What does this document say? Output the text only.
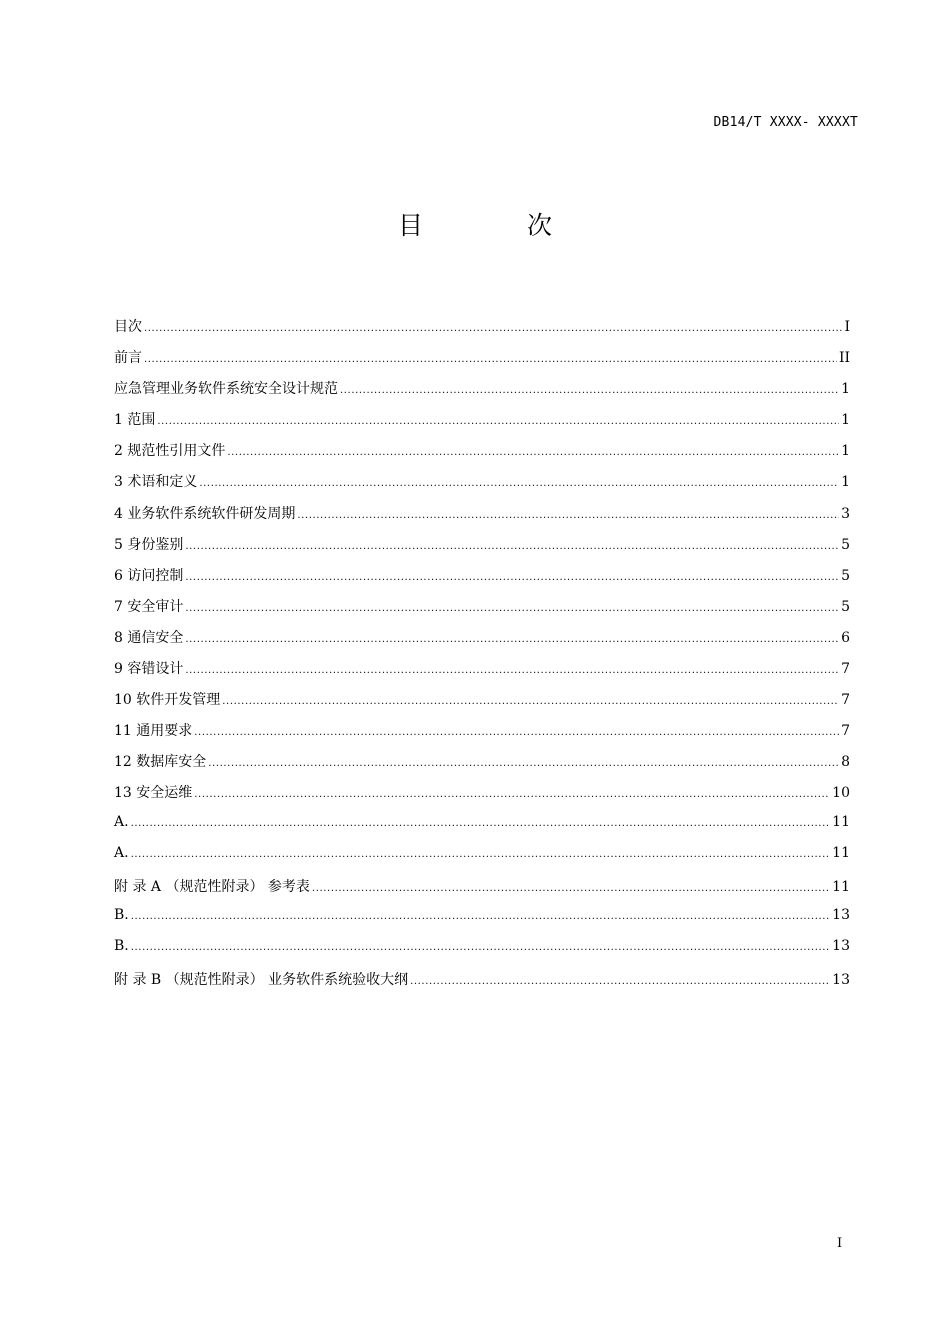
DB14/T XXXX- XXXXT
目 次
目次 .....	I
前言 .....	II
应急管理业务软件系统安全设计规范 .....	1
1 范围 .....	1
2 规范性引用文件 .....	1
3 术语和定义 .....	1
4 业务软件系统软件研发周期 .....	3
5 身份鉴别 .....	5
6 访问控制 .....	5
7 安全审计 .....	5
8 通信安全 .....	6
9 容错设计 .....	7
10 软件开发管理 .....	7
11 通用要求 .....	7
12 数据库安全 .....	8
13 安全运维 .....	10
A. .....	11
A. .....	11
附 录 A （规范性附录） 参考表 .....	11
B. .....	13
B. .....	13
附 录 B （规范性附录） 业务软件系统验收大纲 .....	13
I
